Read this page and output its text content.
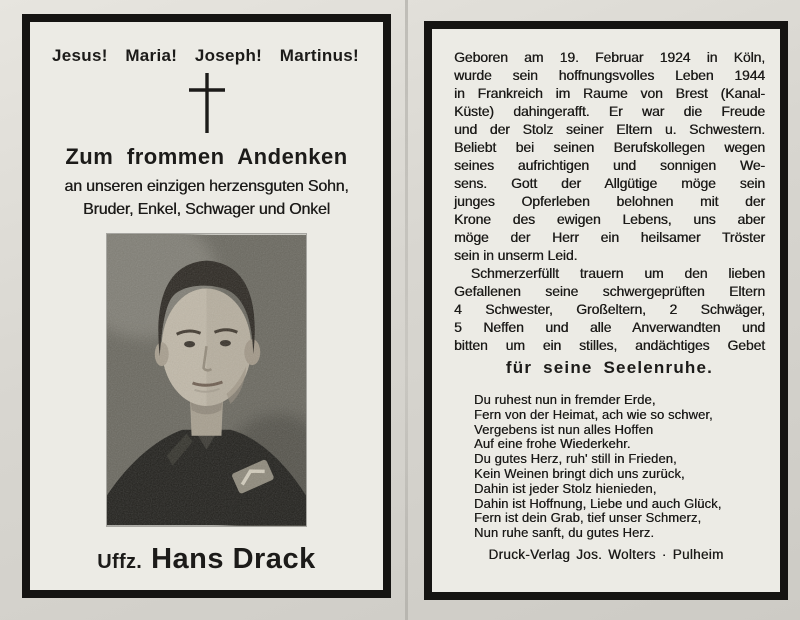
Jesus! Maria! Joseph! Martinus!
Zum frommen Andenken
an unseren einzigen herzensguten Sohn,
Bruder, Enkel, Schwager und Onkel
Uffz. Hans Drack
Geboren am 19. Februar 1924 in Köln,
wurde sein hoffnungsvolles Leben 1944
in Frankreich im Raume von Brest (Kanal-
Küste) dahingerafft. Er war die Freude
und der Stolz seiner Eltern u. Schwestern.
Beliebt bei seinen Berufskollegen wegen
seines aufrichtigen und sonnigen We-
sens. Gott der Allgütige möge sein
junges Opferleben belohnen mit der
Krone des ewigen Lebens, uns aber
möge der Herr ein heilsamer Tröster
sein in unserm Leid.
Schmerzerfüllt trauern um den lieben
Gefallenen seine schwergeprüften Eltern
4 Schwester, Großeltern, 2 Schwäger,
5 Neffen und alle Anverwandten und
bitten um ein stilles, andächtiges Gebet
für seine Seelenruhe.
Du ruhest nun in fremder Erde,
Fern von der Heimat, ach wie so schwer,
Vergebens ist nun alles Hoffen
Auf eine frohe Wiederkehr.
Du gutes Herz, ruh' still in Frieden,
Kein Weinen bringt dich uns zurück,
Dahin ist jeder Stolz hienieden,
Dahin ist Hoffnung, Liebe und auch Glück,
Fern ist dein Grab, tief unser Schmerz,
Nun ruhe sanft, du gutes Herz.
Druck-Verlag Jos. Wolters · Pulheim
